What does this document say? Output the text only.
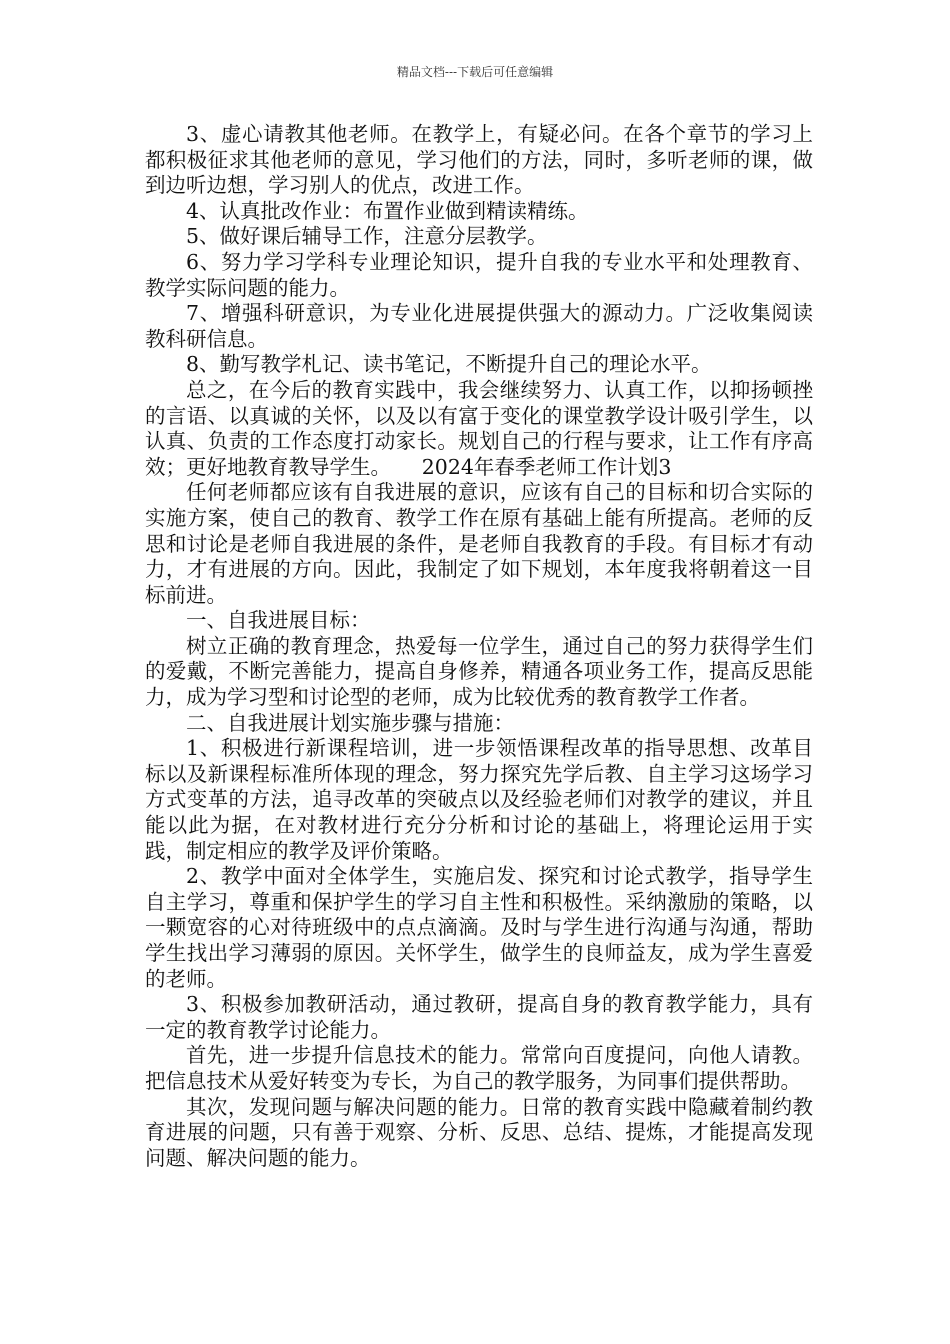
精品文档---下载后可任意编辑

3、虚心请教其他老师。在教学上，有疑必问。在各个章节的学习上都积极征求其他老师的意见，学习他们的方法，同时，多听老师的课，做到边听边想，学习别人的优点，改进工作。

4、认真批改作业：布置作业做到精读精练。

5、做好课后辅导工作，注意分层教学。

6、努力学习学科专业理论知识，提升自我的专业水平和处理教育、教学实际问题的能力。

7、增强科研意识，为专业化进展提供强大的源动力。广泛收集阅读教科研信息。

8、勤写教学札记、读书笔记，不断提升自己的理论水平。

总之，在今后的教育实践中，我会继续努力、认真工作，以抑扬顿挫的言语、以真诚的关怀，以及以有富于变化的课堂教学设计吸引学生，以认真、负责的工作态度打动家长。规划自己的行程与要求，让工作有序高效；更好地教育教导学生。　　2024年春季老师工作计划3

任何老师都应该有自我进展的意识，应该有自己的目标和切合实际的实施方案，使自己的教育、教学工作在原有基础上能有所提高。老师的反思和讨论是老师自我进展的条件，是老师自我教育的手段。有目标才有动力，才有进展的方向。因此，我制定了如下规划，本年度我将朝着这一目标前进。

一、自我进展目标：

树立正确的教育理念，热爱每一位学生，通过自己的努力获得学生们的爱戴，不断完善能力，提高自身修养，精通各项业务工作，提高反思能力，成为学习型和讨论型的老师，成为比较优秀的教育教学工作者。

二、自我进展计划实施步骤与措施：

1、积极进行新课程培训，进一步领悟课程改革的指导思想、改革目标以及新课程标准所体现的理念，努力探究先学后教、自主学习这场学习方式变革的方法，追寻改革的突破点以及经验老师们对教学的建议，并且能以此为据，在对教材进行充分分析和讨论的基础上，将理论运用于实践，制定相应的教学及评价策略。

2、教学中面对全体学生，实施启发、探究和讨论式教学，指导学生自主学习，尊重和保护学生的学习自主性和积极性。采纳激励的策略，以一颗宽容的心对待班级中的点点滴滴。及时与学生进行沟通与沟通，帮助学生找出学习薄弱的原因。关怀学生，做学生的良师益友，成为学生喜爱的老师。

3、积极参加教研活动，通过教研，提高自身的教育教学能力，具有一定的教育教学讨论能力。

首先，进一步提升信息技术的能力。常常向百度提问，向他人请教。把信息技术从爱好转变为专长，为自己的教学服务，为同事们提供帮助。

其次，发现问题与解决问题的能力。日常的教育实践中隐藏着制约教育进展的问题，只有善于观察、分析、反思、总结、提炼，才能提高发现问题、解决问题的能力。
